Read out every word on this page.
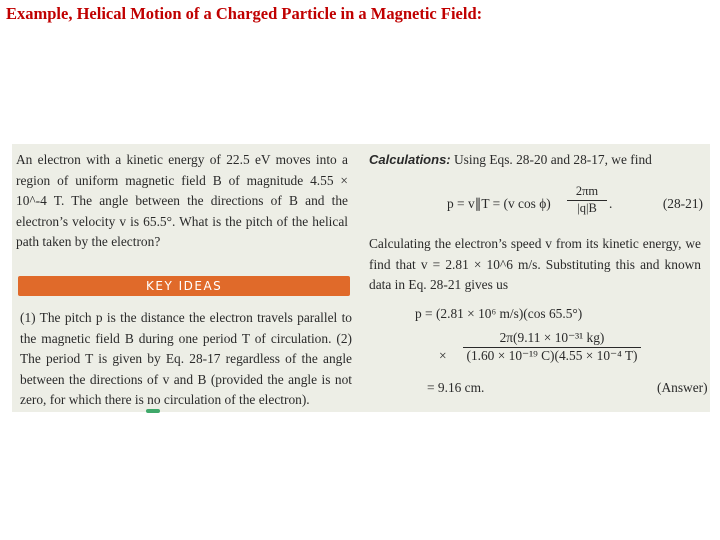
Example, Helical Motion of a Charged Particle in a Magnetic Field:

An electron with a kinetic energy of 22.5 eV moves into a region of uniform magnetic field B of magnitude 4.55 × 10^-4 T. The angle between the directions of B and the electron’s velocity v is 65.5°. What is the pitch of the helical path taken by the electron?

KEY IDEAS

(1) The pitch p is the distance the electron travels parallel to the magnetic field B during one period T of circulation. (2) The period T is given by Eq. 28-17 regardless of the angle between the directions of v and B (provided the angle is not zero, for which there is no circulation of the electron).

Calculations: Using Eqs. 28-20 and 28-17, we find
p = v∥T = (v $\cos \phi) \frac{2\pi m}{|q|B}$ .	(28-21)

Calculating the electron’s speed v from its kinetic energy, we find that v = 2.81 × 10^6 m/s. Substituting this and known data in Eq. 28-21 gives us

p = (2.81 × 10⁶ m/s)(cos 65.5°)
× $\frac{\text{2π(9.11 × 10⁻³¹ kg)}}{\text{(1.60 × 10⁻¹⁹ C)(4.55 × 10⁻⁴ T)}}$
= 9.16 cm.	(Answer)
